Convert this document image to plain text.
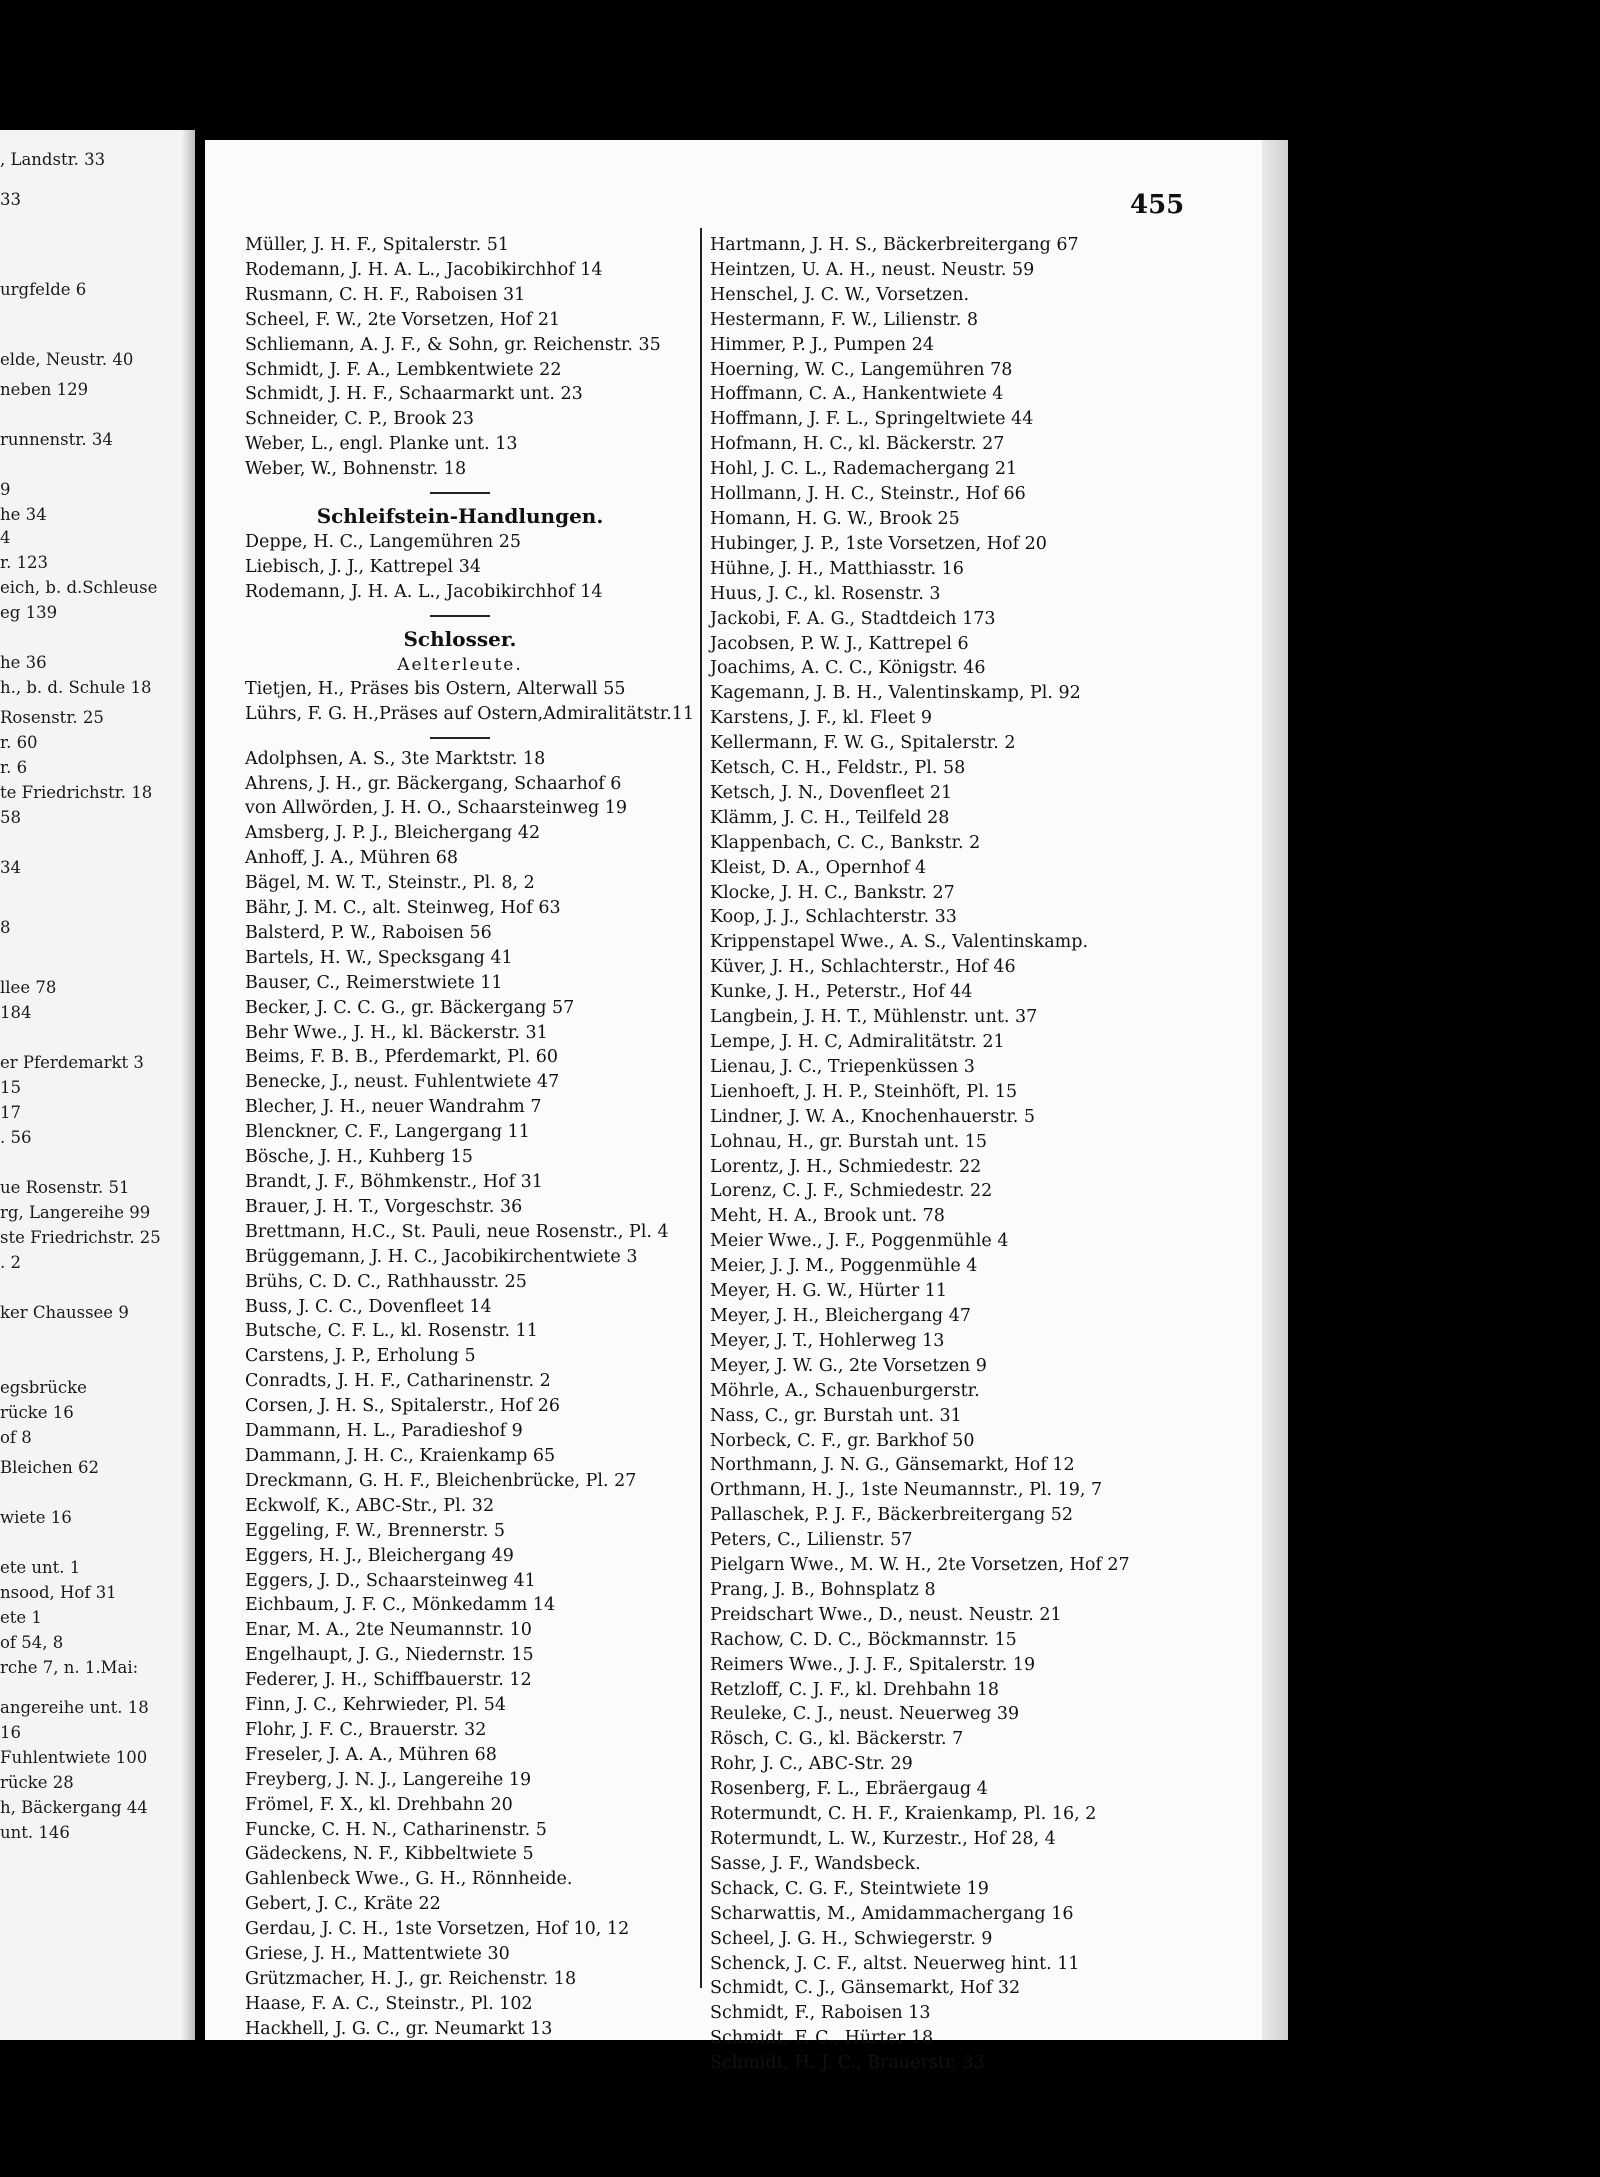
, Landstr. 33
33
urgfelde 6
elde, Neustr. 40
neben 129
runnenstr. 34
9
he 34
4
r. 123
eich, b. d.Schleuse
eg 139
he 36
h., b. d. Schule 18
Rosenstr. 25
r. 60
r. 6
te Friedrichstr. 18
58
34
8
llee 78
184
er Pferdemarkt 3
15
17
. 56
ue Rosenstr. 51
rg, Langereihe 99
ste Friedrichstr. 25
. 2
ker Chaussee 9
egsbrücke
rücke 16
of 8
Bleichen 62
wiete 16
ete unt. 1
nsood, Hof 31
ete 1
of 54, 8
rche 7, n. 1.Mai:
angereihe unt. 18
16
Fuhlentwiete 100
rücke 28
h, Bäckergang 44
unt. 146
455
Müller, J. H. F., Spitalerstr. 51
Rodemann, J. H. A. L., Jacobikirchhof 14
Rusmann, C. H. F., Raboisen 31
Scheel, F. W., 2te Vorsetzen, Hof 21
Schliemann, A. J. F., & Sohn, gr. Reichenstr. 35
Schmidt, J. F. A., Lembkentwiete 22
Schmidt, J. H. F., Schaarmarkt unt. 23
Schneider, C. P., Brook 23
Weber, L., engl. Planke unt. 13
Weber, W., Bohnenstr. 18
Schleifstein-Handlungen.
Deppe, H. C., Langemühren 25
Liebisch, J. J., Kattrepel 34
Rodemann, J. H. A. L., Jacobikirchhof 14
Schlosser.
Aelterleute.
Tietjen, H., Präses bis Ostern, Alterwall 55
Lührs, F. G. H.,Präses auf Ostern,Admiralitätstr.11
Adolphsen, A. S., 3te Marktstr. 18
Ahrens, J. H., gr. Bäckergang, Schaarhof 6
von Allwörden, J. H. O., Schaarsteinweg 19
Amsberg, J. P. J., Bleichergang 42
Anhoff, J. A., Mühren 68
Bägel, M. W. T., Steinstr., Pl. 8, 2
Bähr, J. M. C., alt. Steinweg, Hof 63
Balsterd, P. W., Raboisen 56
Bartels, H. W., Specksgang 41
Bauser, C., Reimerstwiete 11
Becker, J. C. C. G., gr. Bäckergang 57
Behr Wwe., J. H., kl. Bäckerstr. 31
Beims, F. B. B., Pferdemarkt, Pl. 60
Benecke, J., neust. Fuhlentwiete 47
Blecher, J. H., neuer Wandrahm 7
Blenckner, C. F., Langergang 11
Bösche, J. H., Kuhberg 15
Brandt, J. F., Böhmkenstr., Hof 31
Brauer, J. H. T., Vorgeschstr. 36
Brettmann, H.C., St. Pauli, neue Rosenstr., Pl. 4
Brüggemann, J. H. C., Jacobikirchentwiete 3
Brühs, C. D. C., Rathhausstr. 25
Buss, J. C. C., Dovenfleet 14
Butsche, C. F. L., kl. Rosenstr. 11
Carstens, J. P., Erholung 5
Conradts, J. H. F., Catharinenstr. 2
Corsen, J. H. S., Spitalerstr., Hof 26
Dammann, H. L., Paradieshof 9
Dammann, J. H. C., Kraienkamp 65
Dreckmann, G. H. F., Bleichenbrücke, Pl. 27
Eckwolf, K., ABC-Str., Pl. 32
Eggeling, F. W., Brennerstr. 5
Eggers, H. J., Bleichergang 49
Eggers, J. D., Schaarsteinweg 41
Eichbaum, J. F. C., Mönkedamm 14
Enar, M. A., 2te Neumannstr. 10
Engelhaupt, J. G., Niedernstr. 15
Federer, J. H., Schiffbauerstr. 12
Finn, J. C., Kehrwieder, Pl. 54
Flohr, J. F. C., Brauerstr. 32
Freseler, J. A. A., Mühren 68
Freyberg, J. N. J., Langereihe 19
Frömel, F. X., kl. Drehbahn 20
Funcke, C. H. N., Catharinenstr. 5
Gädeckens, N. F., Kibbeltwiete 5
Gahlenbeck Wwe., G. H., Rönnheide.
Gebert, J. C., Kräte 22
Gerdau, J. C. H., 1ste Vorsetzen, Hof 10, 12
Griese, J. H., Mattentwiete 30
Grützmacher, H. J., gr. Reichenstr. 18
Haase, F. A. C., Steinstr., Pl. 102
Hackhell, J. G. C., gr. Neumarkt 13
Hartmann, J. H. S., Bäckerbreitergang 67
Heintzen, U. A. H., neust. Neustr. 59
Henschel, J. C. W., Vorsetzen.
Hestermann, F. W., Lilienstr. 8
Himmer, P. J., Pumpen 24
Hoerning, W. C., Langemühren 78
Hoffmann, C. A., Hankentwiete 4
Hoffmann, J. F. L., Springeltwiete 44
Hofmann, H. C., kl. Bäckerstr. 27
Hohl, J. C. L., Rademachergang 21
Hollmann, J. H. C., Steinstr., Hof 66
Homann, H. G. W., Brook 25
Hubinger, J. P., 1ste Vorsetzen, Hof 20
Hühne, J. H., Matthiasstr. 16
Huus, J. C., kl. Rosenstr. 3
Jackobi, F. A. G., Stadtdeich 173
Jacobsen, P. W. J., Kattrepel 6
Joachims, A. C. C., Königstr. 46
Kagemann, J. B. H., Valentinskamp, Pl. 92
Karstens, J. F., kl. Fleet 9
Kellermann, F. W. G., Spitalerstr. 2
Ketsch, C. H., Feldstr., Pl. 58
Ketsch, J. N., Dovenfleet 21
Klämm, J. C. H., Teilfeld 28
Klappenbach, C. C., Bankstr. 2
Kleist, D. A., Opernhof 4
Klocke, J. H. C., Bankstr. 27
Koop, J. J., Schlachterstr. 33
Krippenstapel Wwe., A. S., Valentinskamp.
Küver, J. H., Schlachterstr., Hof 46
Kunke, J. H., Peterstr., Hof 44
Langbein, J. H. T., Mühlenstr. unt. 37
Lempe, J. H. C, Admiralitätstr. 21
Lienau, J. C., Triepenküssen 3
Lienhoeft, J. H. P., Steinhöft, Pl. 15
Lindner, J. W. A., Knochenhauerstr. 5
Lohnau, H., gr. Burstah unt. 15
Lorentz, J. H., Schmiedestr. 22
Lorenz, C. J. F., Schmiedestr. 22
Meht, H. A., Brook unt. 78
Meier Wwe., J. F., Poggenmühle 4
Meier, J. J. M., Poggenmühle 4
Meyer, H. G. W., Hürter 11
Meyer, J. H., Bleichergang 47
Meyer, J. T., Hohlerweg 13
Meyer, J. W. G., 2te Vorsetzen 9
Möhrle, A., Schauenburgerstr.
Nass, C., gr. Burstah unt. 31
Norbeck, C. F., gr. Barkhof 50
Northmann, J. N. G., Gänsemarkt, Hof 12
Orthmann, H. J., 1ste Neumannstr., Pl. 19, 7
Pallaschek, P. J. F., Bäckerbreitergang 52
Peters, C., Lilienstr. 57
Pielgarn Wwe., M. W. H., 2te Vorsetzen, Hof 27
Prang, J. B., Bohnsplatz 8
Preidschart Wwe., D., neust. Neustr. 21
Rachow, C. D. C., Böckmannstr. 15
Reimers Wwe., J. J. F., Spitalerstr. 19
Retzloff, C. J. F., kl. Drehbahn 18
Reuleke, C. J., neust. Neuerweg 39
Rösch, C. G., kl. Bäckerstr. 7
Rohr, J. C., ABC-Str. 29
Rosenberg, F. L., Ebräergaug 4
Rotermundt, C. H. F., Kraienkamp, Pl. 16, 2
Rotermundt, L. W., Kurzestr., Hof 28, 4
Sasse, J. F., Wandsbeck.
Schack, C. G. F., Steintwiete 19
Scharwattis, M., Amidammachergang 16
Scheel, J. G. H., Schwiegerstr. 9
Schenck, J. C. F., altst. Neuerweg hint. 11
Schmidt, C. J., Gänsemarkt, Hof 32
Schmidt, F., Raboisen 13
Schmidt, F. C., Hürter 18
Schmidt, H. J. C., Brauerstr. 33
